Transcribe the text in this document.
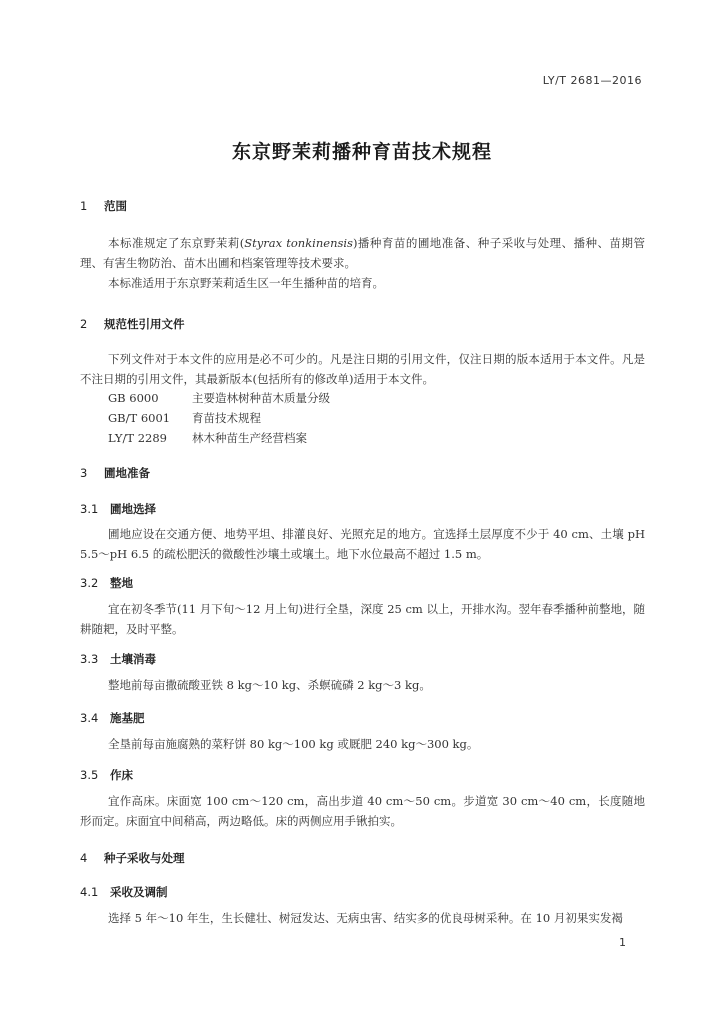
LY/T 2681—2016
东京野茉莉播种育苗技术规程
1 范围
本标准规定了东京野茉莉(Styrax tonkinensis)播种育苗的圃地准备、种子采收与处理、播种、苗期管理、有害生物防治、苗木出圃和档案管理等技术要求。
本标准适用于东京野茉莉适生区一年生播种苗的培育。
2 规范性引用文件
下列文件对于本文件的应用是必不可少的。凡是注日期的引用文件，仅注日期的版本适用于本文件。凡是不注日期的引用文件，其最新版本(包括所有的修改单)适用于本文件。
GB 6000	主要造林树种苗木质量分级
GB/T 6001 育苗技术规程
LY/T 2289 林木种苗生产经营档案
3 圃地准备
3.1 圃地选择
圃地应设在交通方便、地势平坦、排灌良好、光照充足的地方。宜选择土层厚度不少于 40 cm、土壤 pH 5.5～pH 6.5 的疏松肥沃的微酸性沙壤土或壤土。地下水位最高不超过 1.5 m。
3.2 整地
宜在初冬季节(11 月下旬～12 月上旬)进行全垦，深度 25 cm 以上，开排水沟。翌年春季播种前整地，随耕随耙，及时平整。
3.3 土壤消毒
整地前每亩撒硫酸亚铁 8 kg～10 kg、杀螟硫磷 2 kg～3 kg。
3.4 施基肥
全垦前每亩施腐熟的菜籽饼 80 kg～100 kg 或厩肥 240 kg～300 kg。
3.5 作床
宜作高床。床面宽 100 cm～120 cm，高出步道 40 cm～50 cm。步道宽 30 cm～40 cm，长度随地形而定。床面宜中间稍高，两边略低。床的两侧应用手锹拍实。
4 种子采收与处理
4.1 采收及调制
选择 5 年～10 年生，生长健壮、树冠发达、无病虫害、结实多的优良母树采种。在 10 月初果实发褐
1
